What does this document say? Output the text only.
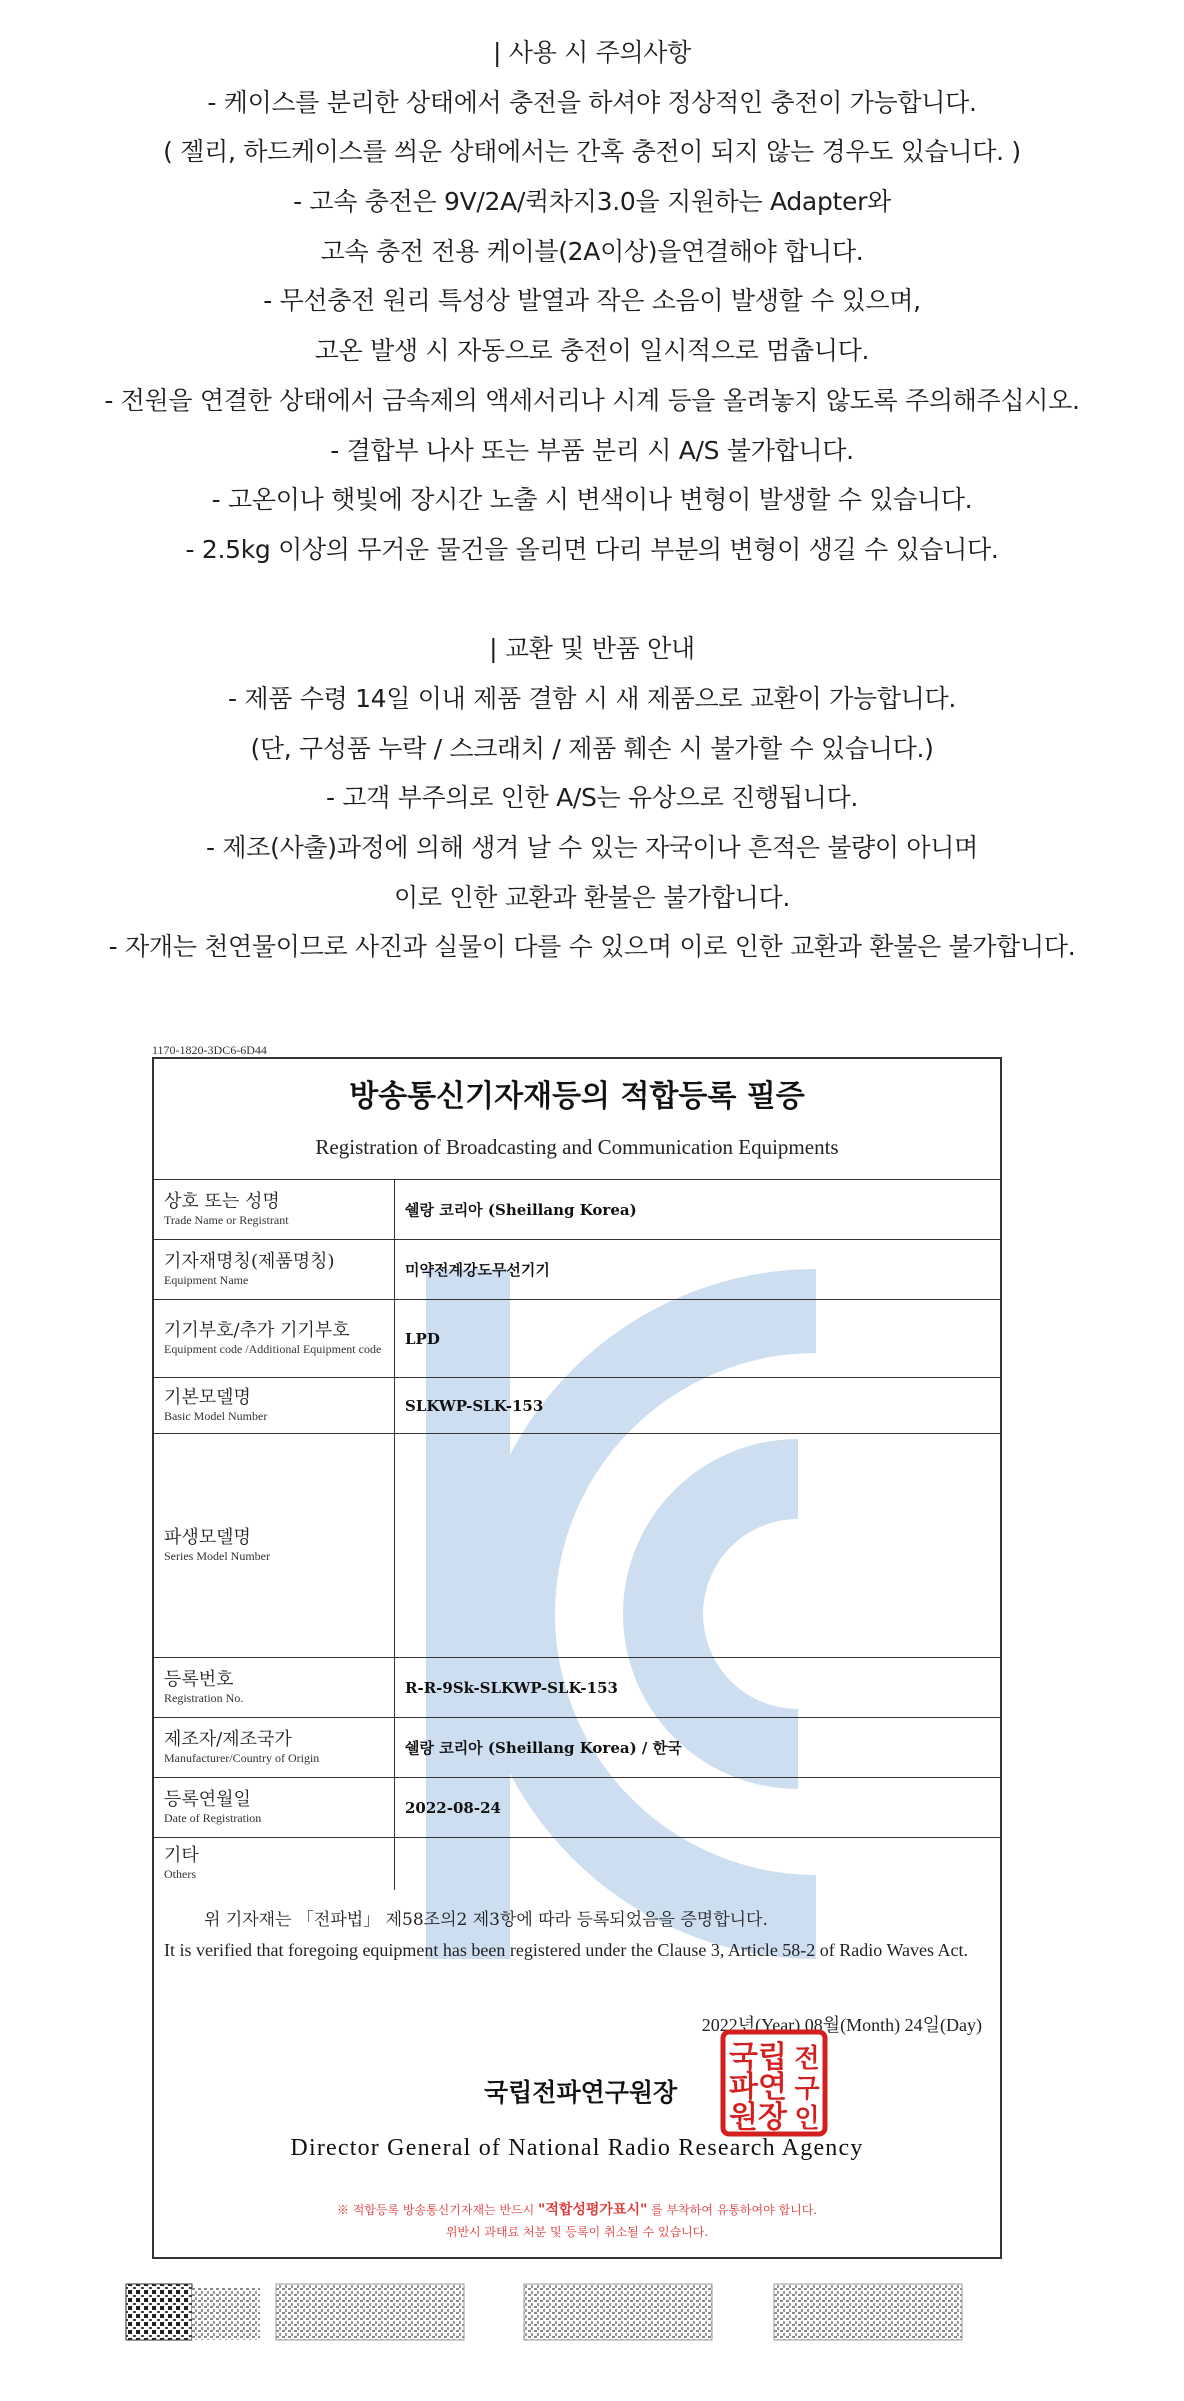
| 사용 시 주의사항

- 케이스를 분리한 상태에서 충전을 하셔야 정상적인 충전이 가능합니다.

( 젤리, 하드케이스를 씌운 상태에서는 간혹 충전이 되지 않는 경우도 있습니다. )

- 고속 충전은 9V/2A/퀵차지3.0을 지원하는 Adapter와

고속 충전 전용 케이블(2A이상)을연결해야 합니다.

- 무선충전 원리 특성상 발열과 작은 소음이 발생할 수 있으며,

고온 발생 시 자동으로 충전이 일시적으로 멈춥니다.

- 전원을 연결한 상태에서 금속제의 액세서리나 시계 등을 올려놓지 않도록 주의해주십시오.

- 결합부 나사 또는 부품 분리 시 A/S 불가합니다.

- 고온이나 햇빛에 장시간 노출 시 변색이나 변형이 발생할 수 있습니다.

- 2.5kg 이상의 무거운 물건을 올리면 다리 부분의 변형이 생길 수 있습니다.

| 교환 및 반품 안내

- 제품 수령 14일 이내 제품 결함 시 새 제품으로 교환이 가능합니다.

(단, 구성품 누락 / 스크래치 / 제품 훼손 시 불가할 수 있습니다.)

- 고객 부주의로 인한 A/S는 유상으로 진행됩니다.

- 제조(사출)과정에 의해 생겨 날 수 있는 자국이나 흔적은 불량이 아니며

이로 인한 교환과 환불은 불가합니다.

- 자개는 천연물이므로 사진과 실물이 다를 수 있으며 이로 인한 교환과 환불은 불가합니다.

1170-1820-3DC6-6D44
방송통신기자재등의 적합등록 필증
Registration of Broadcasting and Communication Equipments
상호 또는 성명
Trade Name or Registrant	쉘랑 코리아 (Sheillang Korea)

기자재명칭(제품명칭)
Equipment Name	미약전계강도무선기기

기기부호/추가 기기부호
Equipment code /Additional Equipment code	LPD

기본모델명
Basic Model Number	SLKWP-SLK-153

파생모델명
Series Model Number	

등록번호
Registration No.	R-R-9Sk-SLKWP-SLK-153

제조자/제조국가
Manufacturer/Country of Origin	쉘랑 코리아 (Sheillang Korea) / 한국

등록연월일
Date of Registration	2022-08-24

기타
Others	

위 기자재는 「전파법」 제58조의2 제3항에 따라 등록되었음을 증명합니다.
It is verified that foregoing equipment has been registered under the Clause 3, Article 58-2 of Radio Waves Act.
2022년(Year) 08월(Month) 24일(Day)
국립 전
파연 구
원장 인
국립전파연구원장
Director General of National Radio Research Agency
※ 적합등록 방송통신기자재는 반드시 "적합성평가표시" 를 부착하여 유통하여야 합니다.
위반시 과태료 처분 및 등록이 취소될 수 있습니다.
